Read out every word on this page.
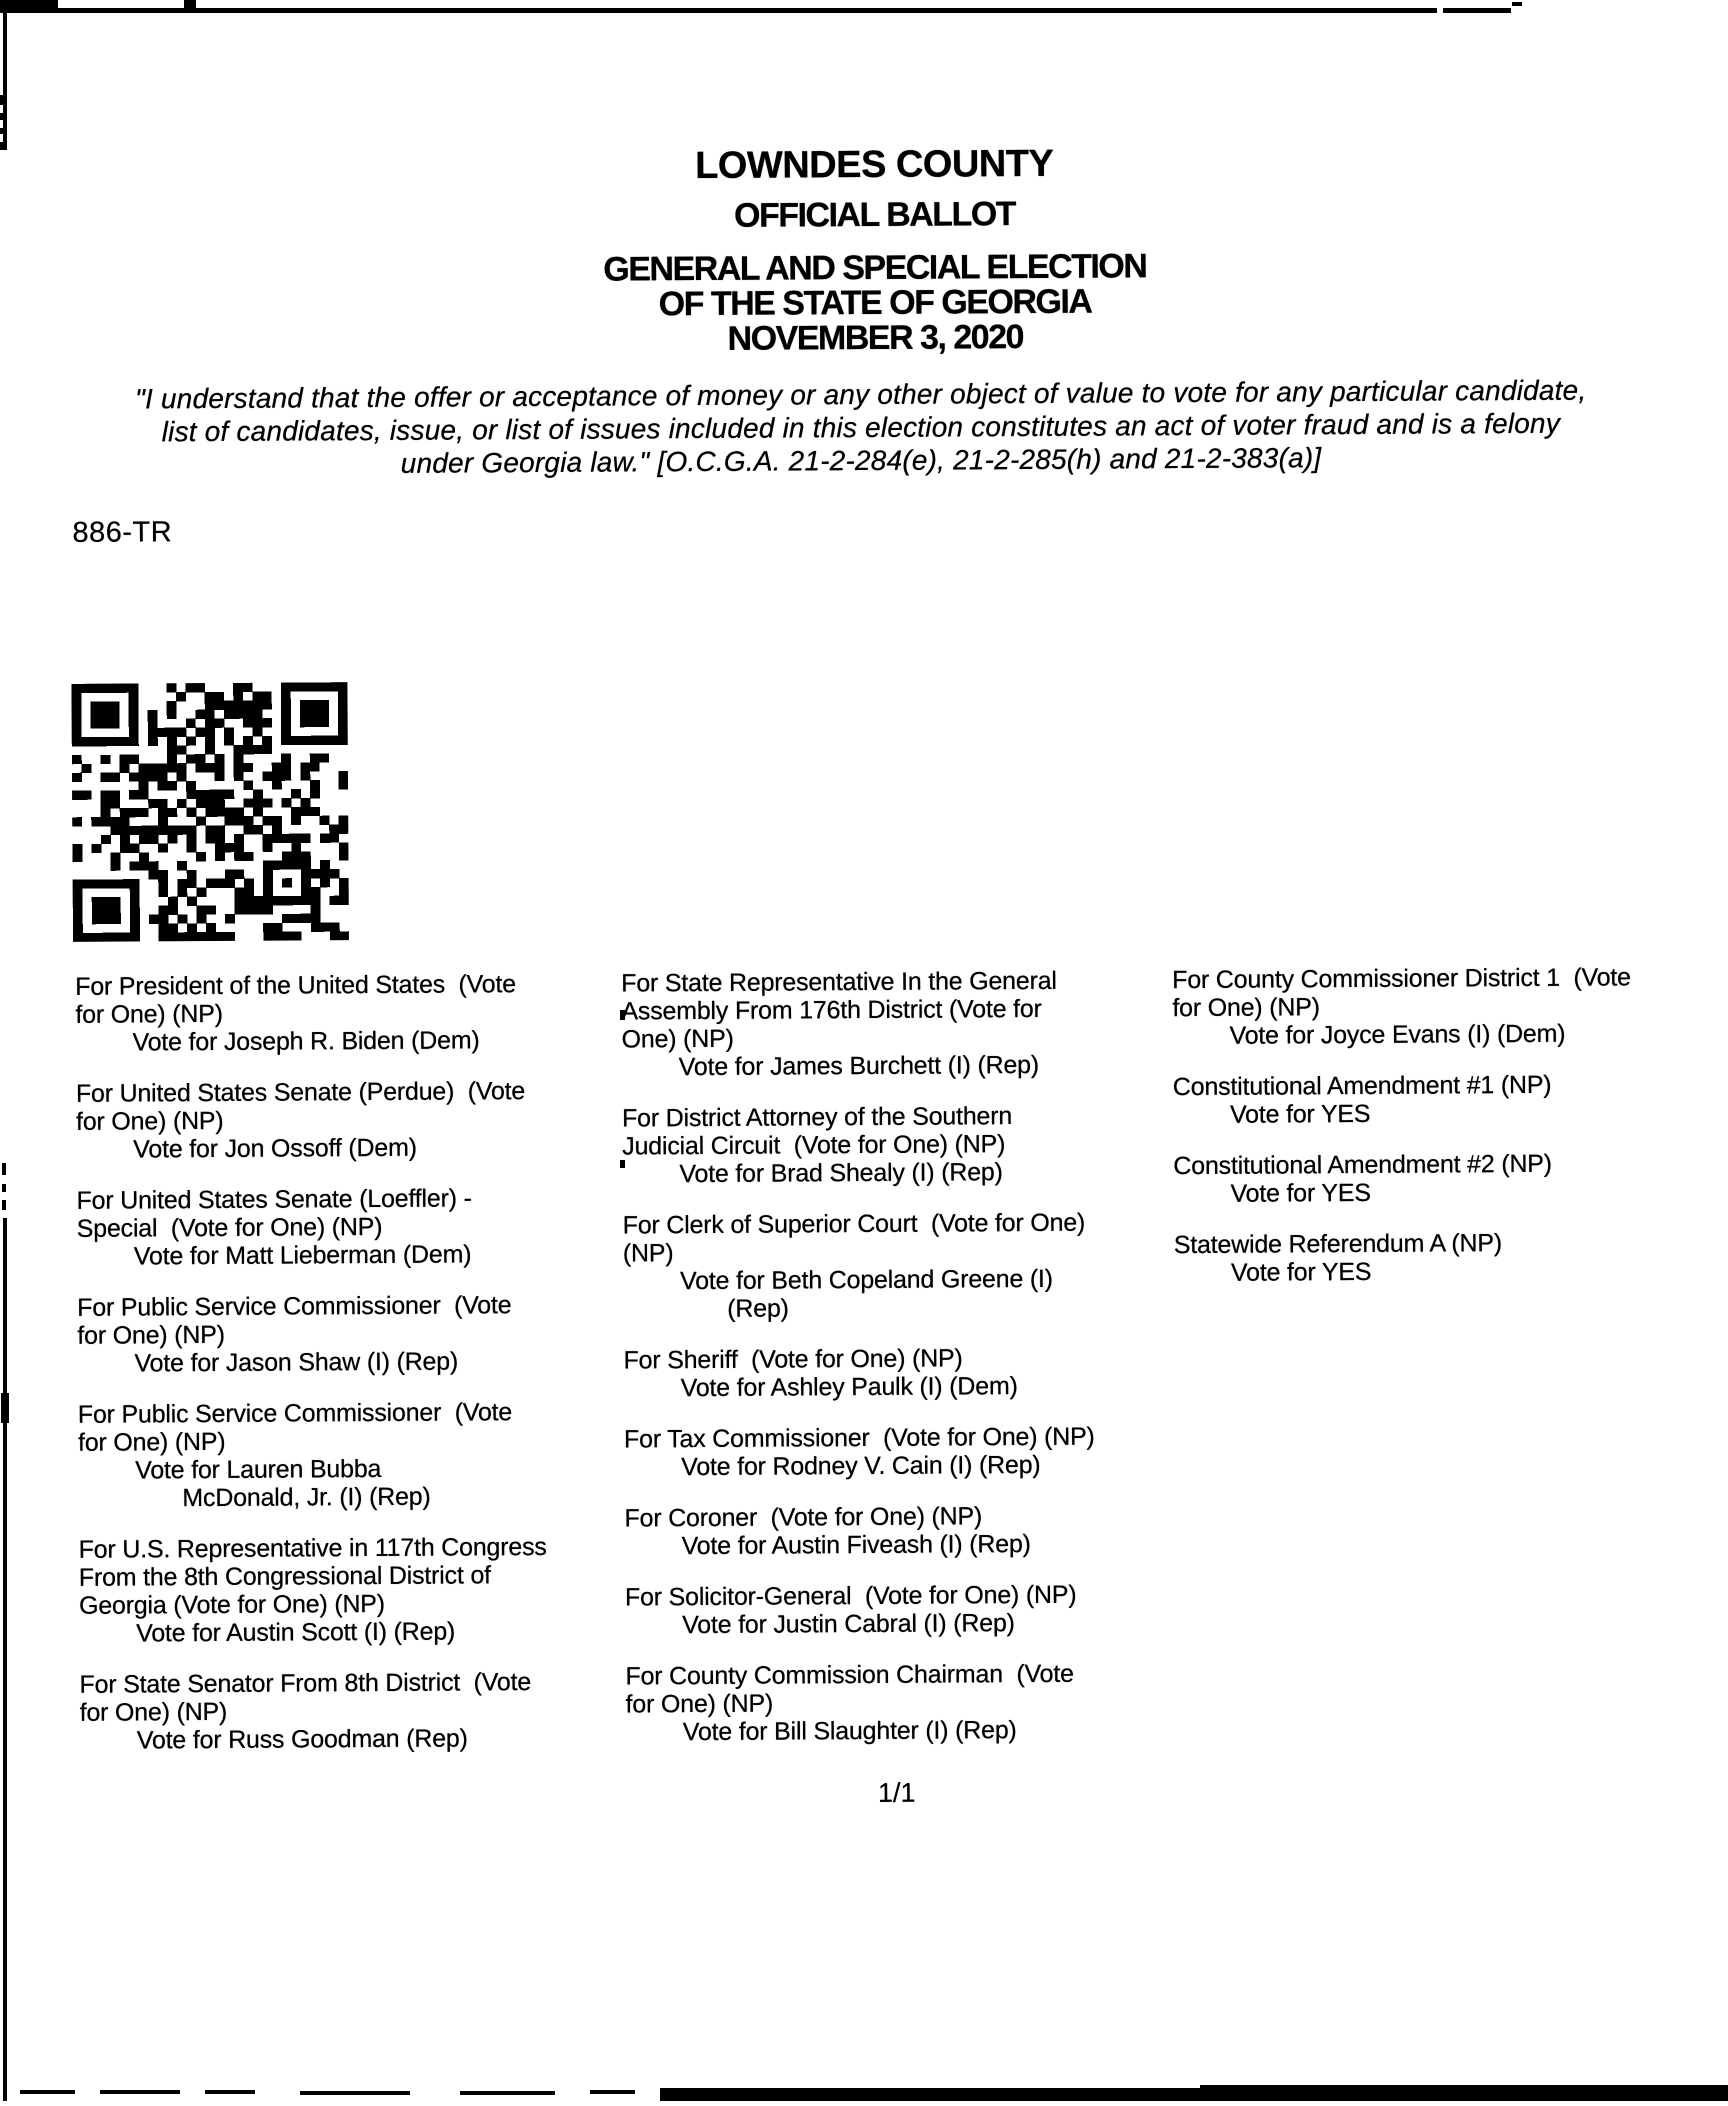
LOWNDES COUNTY
OFFICIAL BALLOT
GENERAL AND SPECIAL ELECTION
OF THE STATE OF GEORGIA
NOVEMBER 3, 2020
"I understand that the offer or acceptance of money or any other object of value to vote for any particular candidate,
list of candidates, issue, or list of issues included in this election constitutes an act of voter fraud and is a felony
under Georgia law." [O.C.G.A. 21-2-284(e), 21-2-285(h) and 21-2-383(a)]
886-TR
For President of the United States  (Vote
for One) (NP)
Vote for Joseph R. Biden (Dem)
For United States Senate (Perdue)  (Vote
for One) (NP)
Vote for Jon Ossoff (Dem)
For United States Senate (Loeffler) -
Special  (Vote for One) (NP)
Vote for Matt Lieberman (Dem)
For Public Service Commissioner  (Vote
for One) (NP)
Vote for Jason Shaw (I) (Rep)
For Public Service Commissioner  (Vote
for One) (NP)
Vote for Lauren Bubba
McDonald, Jr. (I) (Rep)
For U.S. Representative in 117th Congress
From the 8th Congressional District of
Georgia (Vote for One) (NP)
Vote for Austin Scott (I) (Rep)
For State Senator From 8th District  (Vote
for One) (NP)
Vote for Russ Goodman (Rep)
For State Representative In the General
Assembly From 176th District (Vote for
One) (NP)
Vote for James Burchett (I) (Rep)
For District Attorney of the Southern
Judicial Circuit  (Vote for One) (NP)
Vote for Brad Shealy (I) (Rep)
For Clerk of Superior Court  (Vote for One)
(NP)
Vote for Beth Copeland Greene (I)
(Rep)
For Sheriff  (Vote for One) (NP)
Vote for Ashley Paulk (I) (Dem)
For Tax Commissioner  (Vote for One) (NP)
Vote for Rodney V. Cain (I) (Rep)
For Coroner  (Vote for One) (NP)
Vote for Austin Fiveash (I) (Rep)
For Solicitor-General  (Vote for One) (NP)
Vote for Justin Cabral (I) (Rep)
For County Commission Chairman  (Vote
for One) (NP)
Vote for Bill Slaughter (I) (Rep)
For County Commissioner District 1  (Vote
for One) (NP)
Vote for Joyce Evans (I) (Dem)
Constitutional Amendment #1 (NP)
Vote for YES
Constitutional Amendment #2 (NP)
Vote for YES
Statewide Referendum A (NP)
Vote for YES
1/1
